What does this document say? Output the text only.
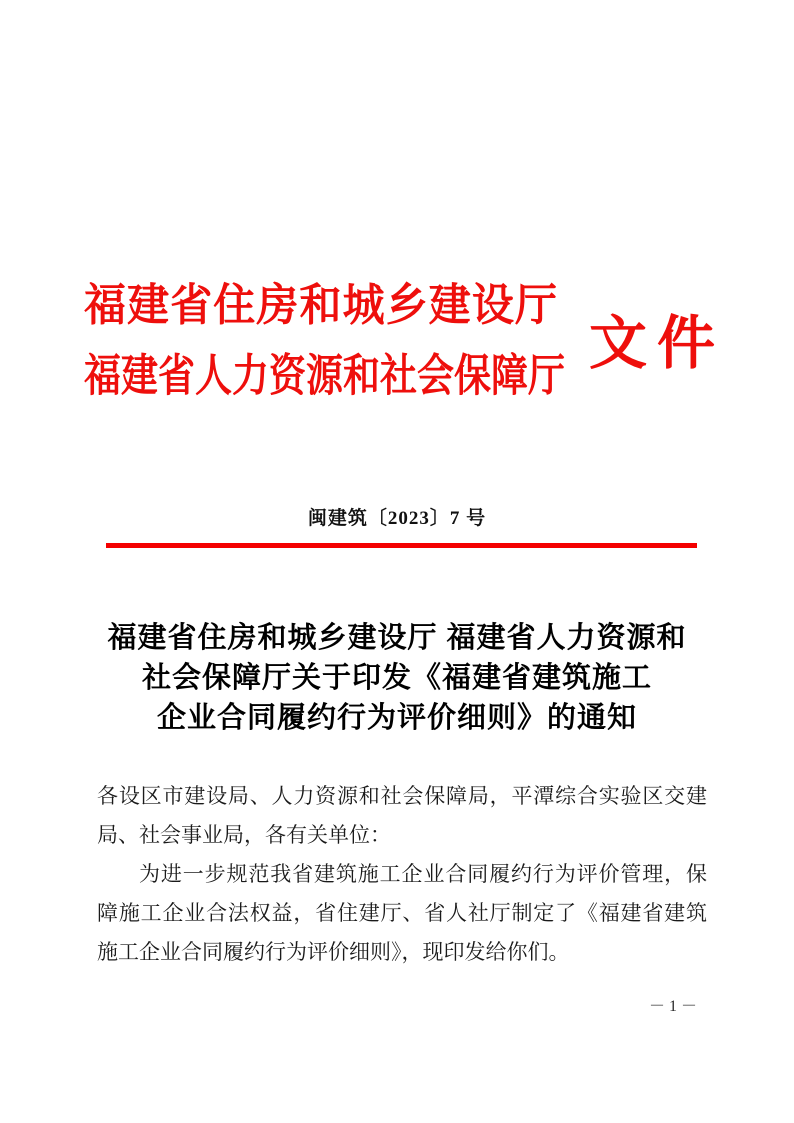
福建省住房和城乡建设厅
福建省人力资源和社会保障厅 文件
闽建筑〔2023〕7 号
福建省住房和城乡建设厅 福建省人力资源和
社会保障厅关于印发《福建省建筑施工
企业合同履约行为评价细则》的通知
各设区市建设局、人力资源和社会保障局，平潭综合实验区交建
局、社会事业局，各有关单位：
为进一步规范我省建筑施工企业合同履约行为评价管理，保
障施工企业合法权益，省住建厅、省人社厅制定了《福建省建筑
施工企业合同履约行为评价细则》，现印发给你们。
－ 1 －
